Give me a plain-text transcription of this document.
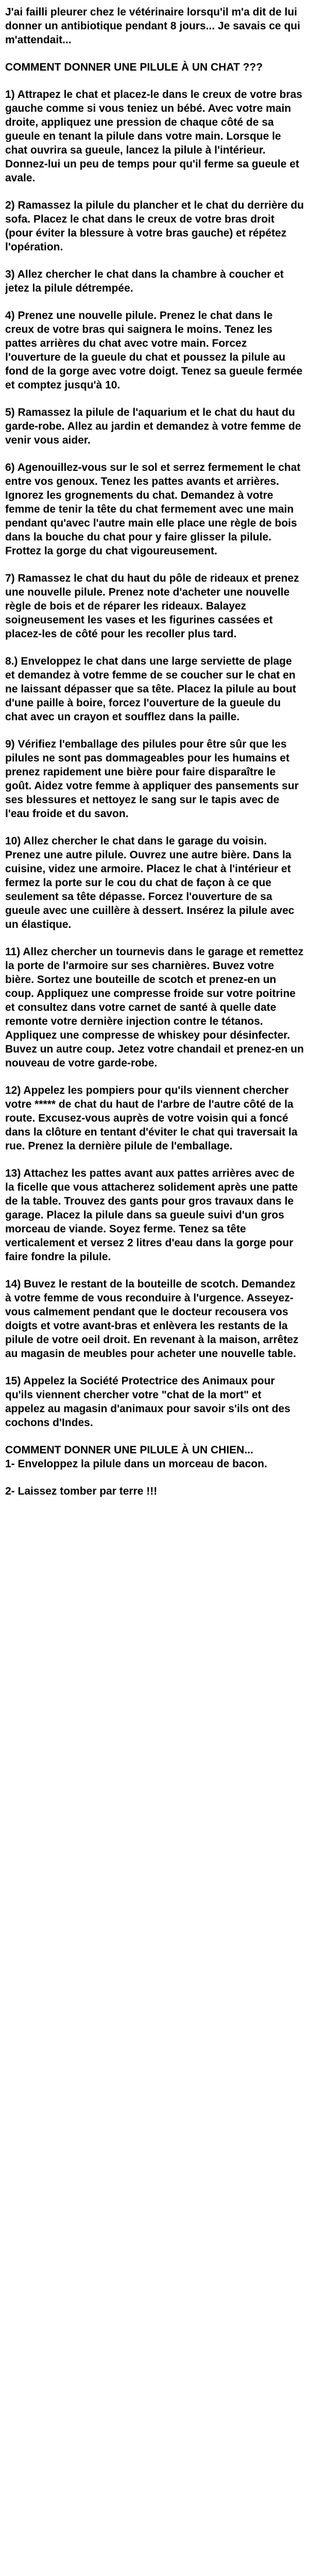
J'ai failli pleurer chez le vétérinaire lorsqu'il m'a dit de lui donner un antibiotique pendant 8 jours... Je savais ce qui m'attendait...

COMMENT DONNER UNE PILULE À UN CHAT ???

1) Attrapez le chat et placez-le dans le creux de votre bras gauche comme si vous teniez un bébé. Avec votre main droite, appliquez une pression de chaque côté de sa gueule en tenant la pilule dans votre main. Lorsque le chat ouvrira sa gueule, lancez la pilule à l'intérieur. Donnez-lui un peu de temps pour qu'il ferme sa gueule et avale.

2) Ramassez la pilule du plancher et le chat du derrière du sofa. Placez le chat dans le creux de votre bras droit (pour éviter la blessure à votre bras gauche) et répétez l'opération.

3) Allez chercher le chat dans la chambre à coucher et jetez la pilule détrempée.

4) Prenez une nouvelle pilule. Prenez le chat dans le creux de votre bras qui saignera le moins. Tenez les pattes arrières du chat avec votre main. Forcez l'ouverture de la gueule du chat et poussez la pilule au fond de la gorge avec votre doigt. Tenez sa gueule fermée et comptez jusqu'à 10.

5) Ramassez la pilule de l'aquarium et le chat du haut du garde-robe. Allez au jardin et demandez à votre femme de venir vous aider.

6) Agenouillez-vous sur le sol et serrez fermement le chat entre vos genoux. Tenez les pattes avants et arrières. Ignorez les grognements du chat. Demandez à votre femme de tenir la tête du chat fermement avec une main pendant qu'avec l'autre main elle place une règle de bois dans la bouche du chat pour y faire glisser la pilule. Frottez la gorge du chat vigoureusement.

7) Ramassez le chat du haut du pôle de rideaux et prenez une nouvelle pilule. Prenez note d'acheter une nouvelle règle de bois et de réparer les rideaux. Balayez soigneusement les vases et les figurines cassées et placez-les de côté pour les recoller plus tard.

8.) Enveloppez le chat dans une large serviette de plage et demandez à votre femme de se coucher sur le chat en ne laissant dépasser que sa tête. Placez la pilule au bout d'une paille à boire, forcez l'ouverture de la gueule du chat avec un crayon et soufflez dans la paille.

9) Vérifiez l'emballage des pilules pour être sûr que les pilules ne sont pas dommageables pour les humains et prenez rapidement une bière pour faire disparaître le goût. Aidez votre femme à appliquer des pansements sur ses blessures et nettoyez le sang sur le tapis avec de l'eau froide et du savon.

10) Allez chercher le chat dans le garage du voisin. Prenez une autre pilule. Ouvrez une autre bière. Dans la cuisine, videz une armoire. Placez le chat à l'intérieur et fermez la porte sur le cou du chat de façon à ce que seulement sa tête dépasse. Forcez l'ouverture de sa gueule avec une cuillère à dessert. Insérez la pilule avec un élastique.

11) Allez chercher un tournevis dans le garage et remettez la porte de l'armoire sur ses charnières. Buvez votre bière. Sortez une bouteille de scotch et prenez-en un coup. Appliquez une compresse froide sur votre poitrine et consultez dans votre carnet de santé à quelle date remonte votre dernière injection contre le tétanos. Appliquez une compresse de whiskey pour désinfecter. Buvez un autre coup. Jetez votre chandail et prenez-en un nouveau de votre garde-robe.

12) Appelez les pompiers pour qu'ils viennent chercher votre ***** de chat du haut de l'arbre de l'autre côté de la route. Excusez-vous auprès de votre voisin qui a foncé dans la clôture en tentant d'éviter le chat qui traversait la rue. Prenez la dernière pilule de l'emballage.

13) Attachez les pattes avant aux pattes arrières avec de la ficelle que vous attacherez solidement après une patte de la table. Trouvez des gants pour gros travaux dans le garage. Placez la pilule dans sa gueule suivi d'un gros morceau de viande. Soyez ferme. Tenez sa tête verticalement et versez 2 litres d'eau dans la gorge pour faire fondre la pilule.

14) Buvez le restant de la bouteille de scotch. Demandez à votre femme de vous reconduire à l'urgence. Asseyez-vous calmement pendant que le docteur recousera vos doigts et votre avant-bras et enlèvera les restants de la pilule de votre oeil droit. En revenant à la maison, arrêtez au magasin de meubles pour acheter une nouvelle table.

15) Appelez la Société Protectrice des Animaux pour qu'ils viennent chercher votre "chat de la mort" et appelez au magasin d'animaux pour savoir s'ils ont des cochons d'Indes.

COMMENT DONNER UNE PILULE À UN CHIEN...

1- Enveloppez la pilule dans un morceau de bacon.

2- Laissez tomber par terre !!!
